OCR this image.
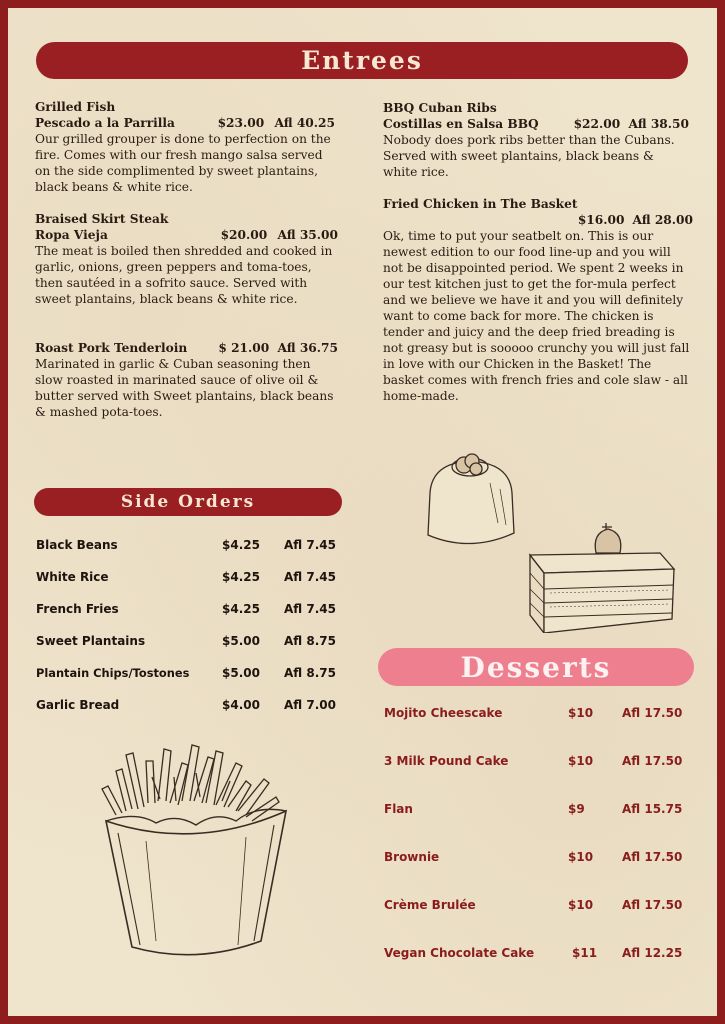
Entrees
Grilled Fish
Pescado a la Parrilla	$23.00 Afl 40.25
Our grilled grouper is done to perfection on the fire. Comes with our fresh mango salsa served on the side complimented by sweet plantains, black beans & white rice.
Braised Skirt Steak
Ropa Vieja	$20.00 Afl 35.00
The meat is boiled then shredded and cooked in garlic, onions, green peppers and toma-toes, then sautéed in a sofrito sauce. Served with sweet plantains, black beans & white rice.
Roast Pork Tenderloin	$ 21.00 Afl 36.75
Marinated in garlic & Cuban seasoning then slow roasted in marinated sauce of olive oil & butter served with Sweet plantains, black beans & mashed pota-toes.
BBQ Cuban Ribs
Costillas en Salsa BBQ	$22.00 Afl 38.50
Nobody does pork ribs better than the Cubans. Served with sweet plantains, black beans & white rice.
Fried Chicken in The Basket
$16.00 Afl 28.00
Ok, time to put your seatbelt on. This is our newest edition to our food line-up and you will not be disappointed period. We spent 2 weeks in our test kitchen just to get the for-mula perfect and we believe we have it and you will definitely want to come back for more. The chicken is tender and juicy and the deep fried breading is not greasy but is sooooo crunchy you will just fall in love with our Chicken in the Basket! The basket comes with french fries and cole slaw - all home-made.
Side Orders
Black Beans	$4.25 Afl 7.45
White Rice	$4.25 Afl 7.45
French Fries	$4.25 Afl 7.45
Sweet Plantains	$5.00 Afl 8.75
Plantain Chips/Tostones	$5.00 Afl 8.75
Garlic Bread	$4.00 Afl 7.00
Desserts
Mojito Cheescake	$10 Afl 17.50
3 Milk Pound Cake	$10 Afl 17.50
Flan	$9	Afl 15.75
Brownie	$10 Afl 17.50
Crème Brulée	$10 Afl 17.50
Vegan Chocolate Cake	$11 Afl 12.25
